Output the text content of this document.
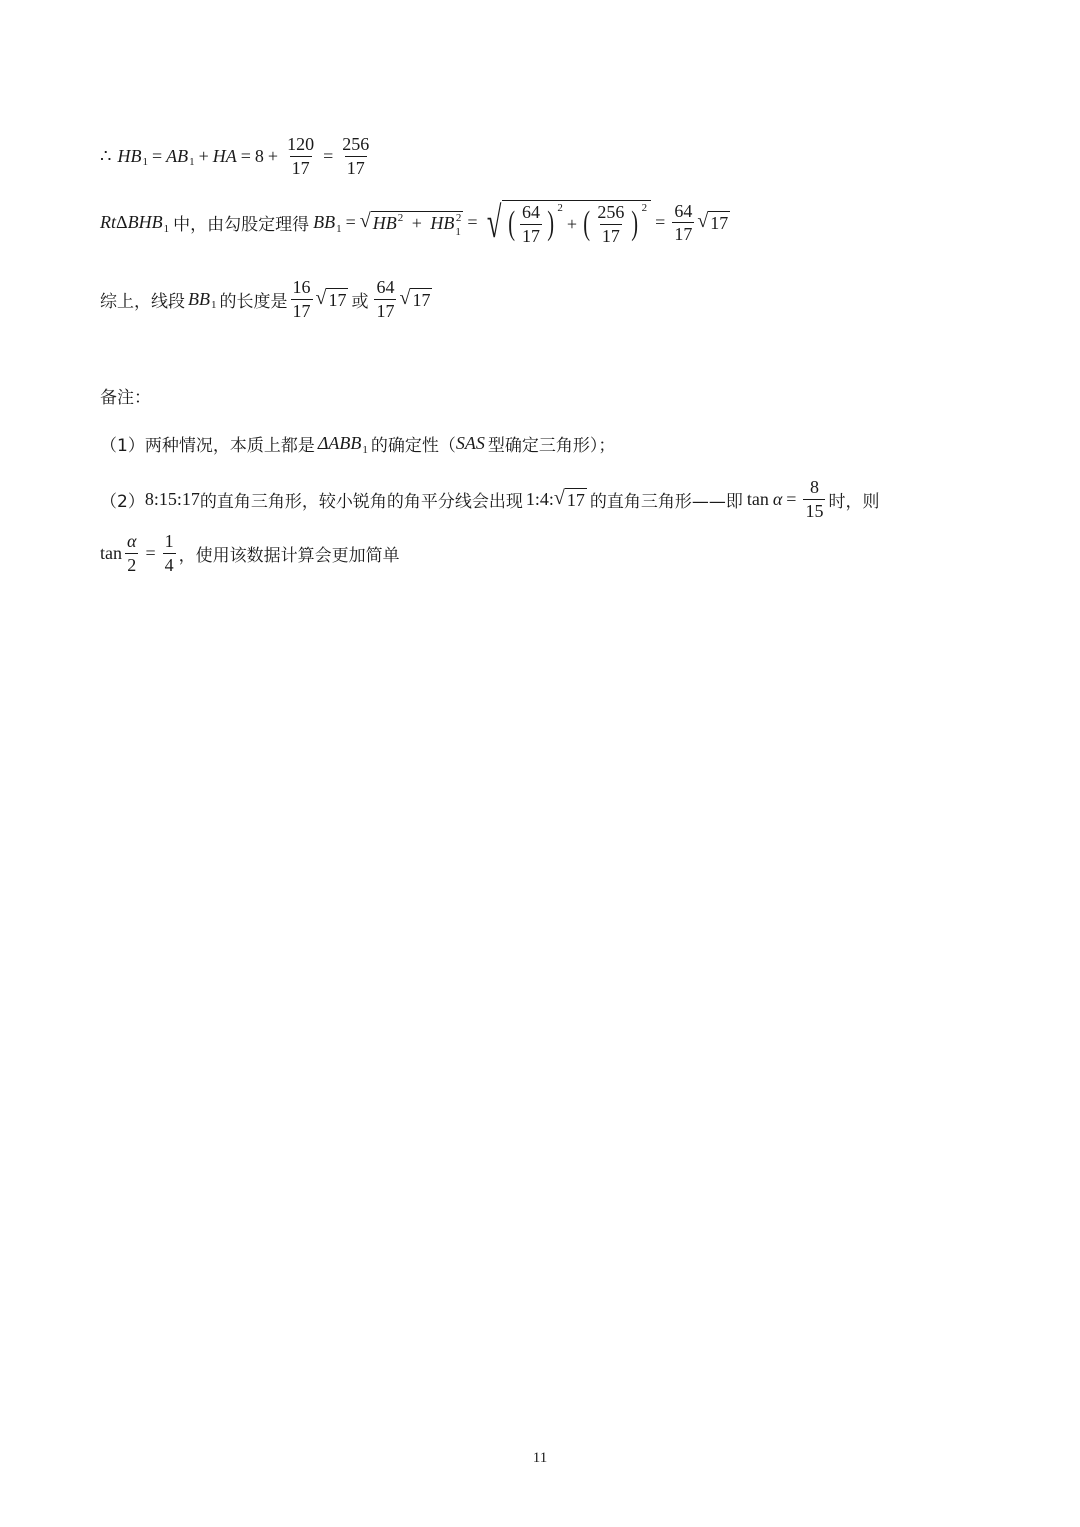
∴ HB 1 = AB 1 + HA = $8 + \frac{120}{17} = \frac{256}{17}$
Rt Δ BHB 1 中，由勾股定理得 BB 1 = √ $HB^2 + HB_1^2$ = √ ( $\frac{64}{17}$ ) 2
+ ( $\frac{256}{17}$ ) 2
= $\frac{64}{17}$ √ 17
综上，线段 BB 1 的长度是 $\frac{16}{17}$ √ 17 或 $\frac{64}{17}$ √ 17
备注：
（1）两种情况，本质上都是 ΔABB 1 的确定性（ SAS 型确定三角形）；
（2） 8:15:17 的直角三角形，较小锐角的角平分线会出现 1:4: √ 17 的直角三角形——即 $\tan \alpha = \frac{8}{15}$ 时，则
$\tan \frac{\alpha}{2} = \frac{1}{4}$ ，使用该数据计算会更加简单
11
